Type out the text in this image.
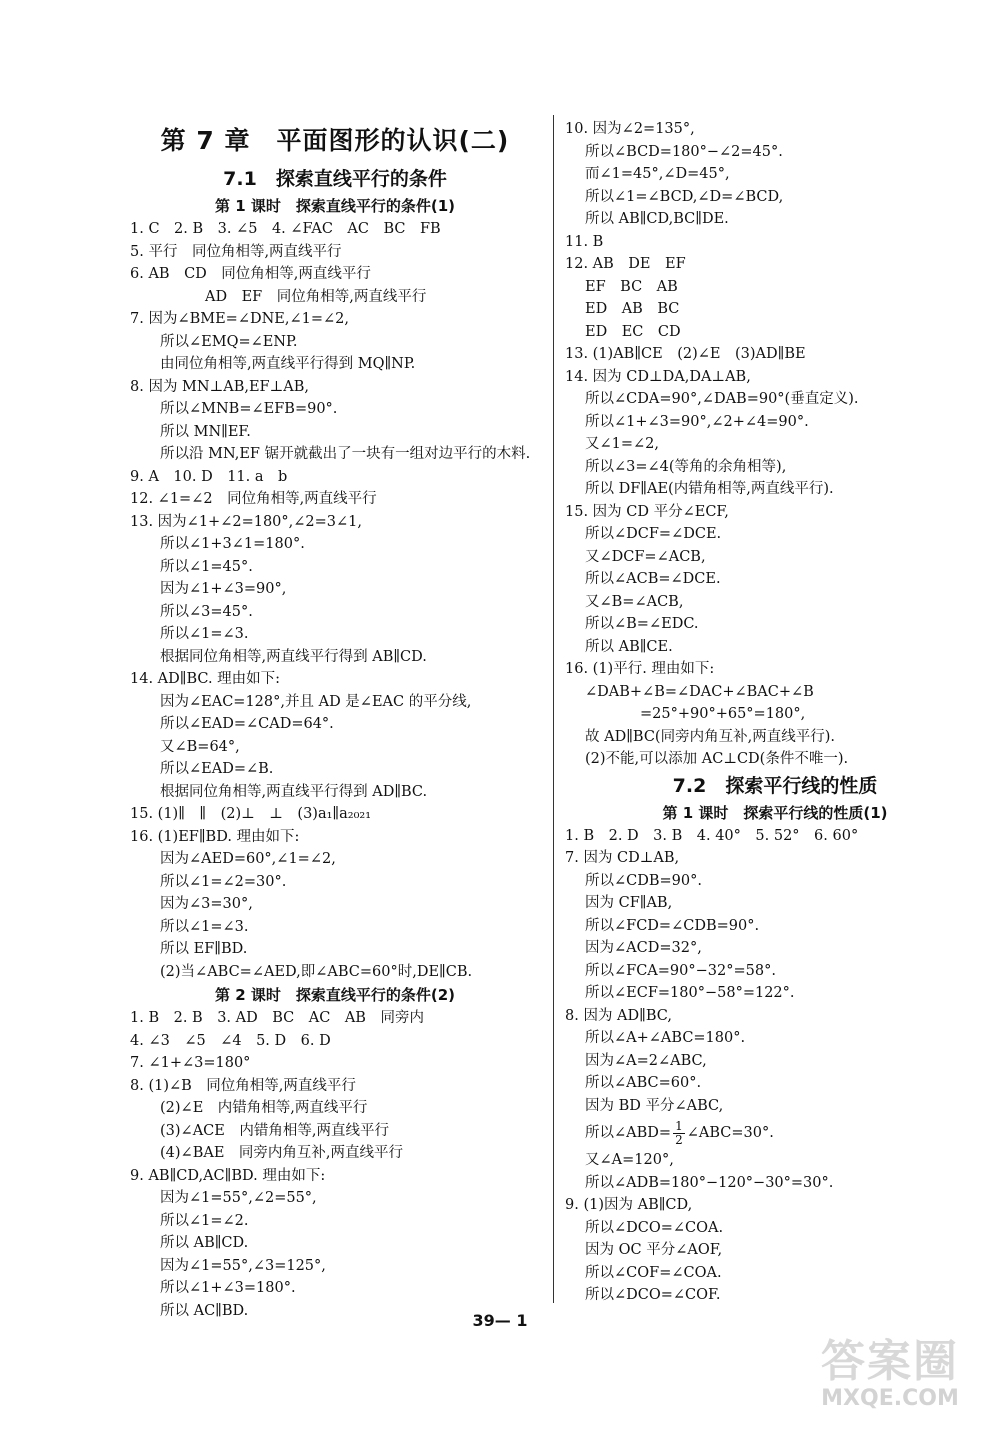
第 7 章　平面图形的认识(二)
7.1　探索直线平行的条件
第 1 课时　探索直线平行的条件(1)
1. C　2. B　3. ∠5　4. ∠FAC　AC　BC　FB
5. 平行　同位角相等,两直线平行
6. AB　CD　同位角相等,两直线平行
AD　EF　同位角相等,两直线平行
7. 因为∠BME=∠DNE,∠1=∠2,
所以∠EMQ=∠ENP.
由同位角相等,两直线平行得到 MQ∥NP.
8. 因为 MN⊥AB,EF⊥AB,
所以∠MNB=∠EFB=90°.
所以 MN∥EF.
所以沿 MN,EF 锯开就截出了一块有一组对边平行的木料.
9. A　10. D　11. a　b
12. ∠1=∠2　同位角相等,两直线平行
13. 因为∠1+∠2=180°,∠2=3∠1,
所以∠1+3∠1=180°.
所以∠1=45°.
因为∠1+∠3=90°,
所以∠3=45°.
所以∠1=∠3.
根据同位角相等,两直线平行得到 AB∥CD.
14. AD∥BC. 理由如下:
因为∠EAC=128°,并且 AD 是∠EAC 的平分线,
所以∠EAD=∠CAD=64°.
又∠B=64°,
所以∠EAD=∠B.
根据同位角相等,两直线平行得到 AD∥BC.
15. (1)∥　∥　(2)⊥　⊥　(3)a₁∥a₂₀₂₁
16. (1)EF∥BD. 理由如下:
因为∠AED=60°,∠1=∠2,
所以∠1=∠2=30°.
因为∠3=30°,
所以∠1=∠3.
所以 EF∥BD.
(2)当∠ABC=∠AED,即∠ABC=60°时,DE∥CB.
第 2 课时　探索直线平行的条件(2)
1. B　2. B　3. AD　BC　AC　AB　同旁内
4. ∠3　∠5　∠4　5. D　6. D
7. ∠1+∠3=180°
8. (1)∠B　同位角相等,两直线平行
(2)∠E　内错角相等,两直线平行
(3)∠ACE　内错角相等,两直线平行
(4)∠BAE　同旁内角互补,两直线平行
9. AB∥CD,AC∥BD. 理由如下:
因为∠1=55°,∠2=55°,
所以∠1=∠2.
所以 AB∥CD.
因为∠1=55°,∠3=125°,
所以∠1+∠3=180°.
所以 AC∥BD.
10. 因为∠2=135°,
所以∠BCD=180°−∠2=45°.
而∠1=45°,∠D=45°,
所以∠1=∠BCD,∠D=∠BCD,
所以 AB∥CD,BC∥DE.
11. B
12. AB　DE　EF
EF　BC　AB
ED　AB　BC
ED　EC　CD
13. (1)AB∥CE　(2)∠E　(3)AD∥BE
14. 因为 CD⊥DA,DA⊥AB,
所以∠CDA=90°,∠DAB=90°(垂直定义).
所以∠1+∠3=90°,∠2+∠4=90°.
又∠1=∠2,
所以∠3=∠4(等角的余角相等),
所以 DF∥AE(内错角相等,两直线平行).
15. 因为 CD 平分∠ECF,
所以∠DCF=∠DCE.
又∠DCF=∠ACB,
所以∠ACB=∠DCE.
又∠B=∠ACB,
所以∠B=∠EDC.
所以 AB∥CE.
16. (1)平行. 理由如下:
∠DAB+∠B=∠DAC+∠BAC+∠B
=25°+90°+65°=180°,
故 AD∥BC(同旁内角互补,两直线平行).
(2)不能,可以添加 AC⊥CD(条件不唯一).
7.2　探索平行线的性质
第 1 课时　探索平行线的性质(1)
1. B　2. D　3. B　4. 40°　5. 52°　6. 60°
7. 因为 CD⊥AB,
所以∠CDB=90°.
因为 CF∥AB,
所以∠FCD=∠CDB=90°.
因为∠ACD=32°,
所以∠FCA=90°−32°=58°.
所以∠ECF=180°−58°=122°.
8. 因为 AD∥BC,
所以∠A+∠ABC=180°.
因为∠A=2∠ABC,
所以∠ABC=60°.
因为 BD 平分∠ABC,
所以∠ABD= $\frac{1}{2}$ ∠ABC=30°.
又∠A=120°,
所以∠ADB=180°−120°−30°=30°.
9. (1)因为 AB∥CD,
所以∠DCO=∠COA.
因为 OC 平分∠AOF,
所以∠COF=∠COA.
所以∠DCO=∠COF.
39— 1
答案圈
MXQE.COM
